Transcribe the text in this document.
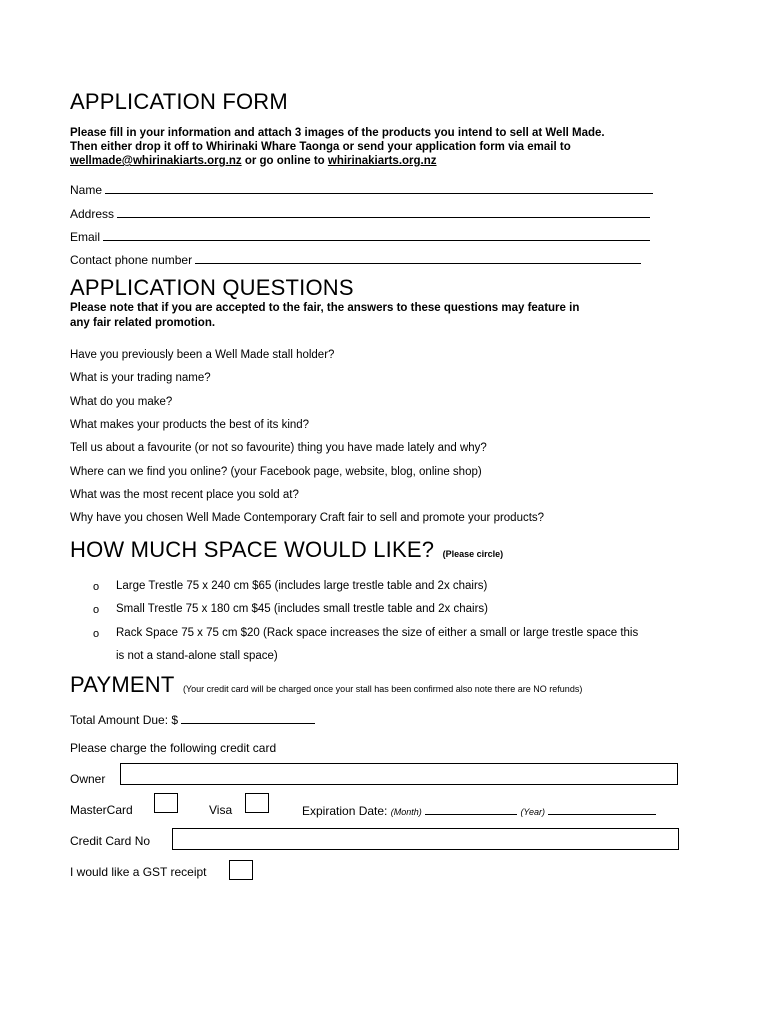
APPLICATION FORM
Please fill in your information and attach 3 images of the products you intend to sell at Well Made.
Then either drop it off to Whirinaki Whare Taonga or send your application form via email to
wellmade@whirinakiarts.org.nz or go online to whirinakiarts.org.nz
Name
Address
Email
Contact phone number
APPLICATION QUESTIONS
Please note that if you are accepted to the fair, the answers to these questions may feature in
any fair related promotion.
Have you previously been a Well Made stall holder?
What is your trading name?
What do you make?
What makes your products the best of its kind?
Tell us about a favourite (or not so favourite) thing you have made lately and why?
Where can we find you online? (your Facebook page, website, blog, online shop)
What was the most recent place you sold at?
Why have you chosen Well Made Contemporary Craft fair to sell and promote your products?
HOW MUCH SPACE WOULD LIKE? (Please circle)
o Large Trestle 75 x 240 cm $65 (includes large trestle table and 2x chairs)
o Small Trestle 75 x 180 cm $45 (includes small trestle table and 2x chairs)
o Rack Space 75 x 75 cm $20 (Rack space increases the size of either a small or large trestle space this
is not a stand-alone stall space)
PAYMENT (Your credit card will be charged once your stall has been confirmed also note there are NO refunds)
Total Amount Due: $
Please charge the following credit card
Owner
MasterCard	Visa	Expiration Date: (Month)	(Year)
Credit Card No
I would like a GST receipt
